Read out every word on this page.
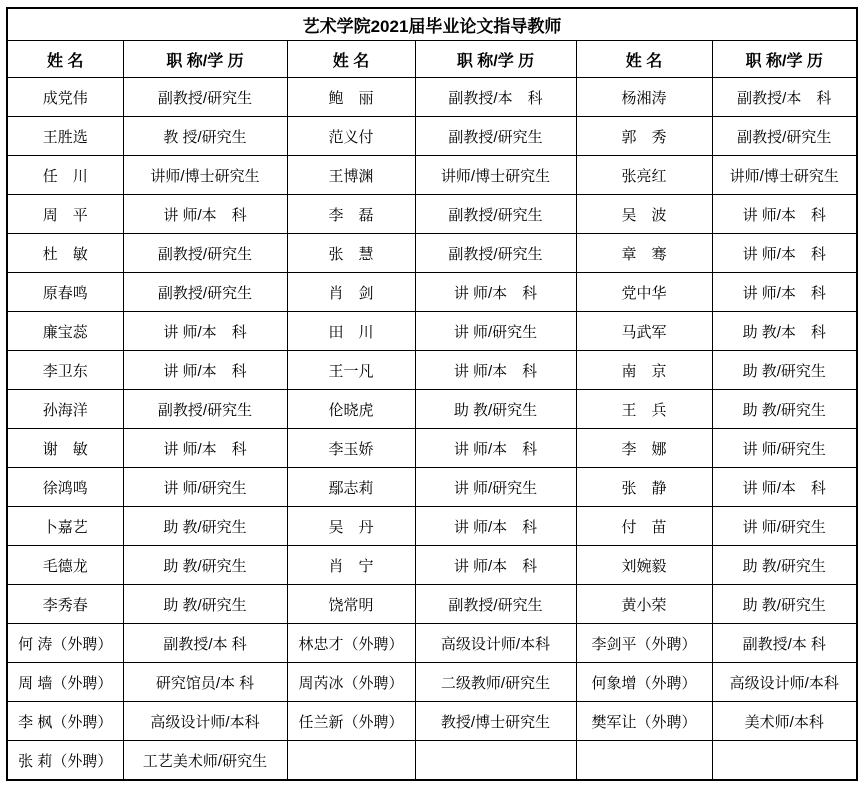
艺术学院2021届毕业论文指导教师					
姓 名	职 称/学 历	姓 名	职 称/学 历	姓 名	职 称/学 历
成党伟	副教授/研究生	鲍　丽	副教授/本　科	杨湘涛	副教授/本　科
王胜选	教 授/研究生	范义付	副教授/研究生	郭　秀	副教授/研究生
任　川	讲师/博士研究生	王博渊	讲师/博士研究生	张亮红	讲师/博士研究生
周　平	讲 师/本　科	李　磊	副教授/研究生	吴　波	讲 师/本　科
杜　敏	副教授/研究生	张　慧	副教授/研究生	章　骞	讲 师/本　科
原春鸣	副教授/研究生	肖　剑	讲 师/本　科	党中华	讲 师/本　科
廉宝蕊	讲 师/本　科	田　川	讲 师/研究生	马武军	助 教/本　科
李卫东	讲 师/本　科	王一凡	讲 师/本　科	南　京	助 教/研究生
孙海洋	副教授/研究生	伦晓虎	助 教/研究生	王　兵	助 教/研究生
谢　敏	讲 师/本　科	李玉娇	讲 师/本　科	李　娜	讲 师/研究生
徐鸿鸣	讲 师/研究生	鄢志莉	讲 师/研究生	张　静	讲 师/本　科
卜嘉艺	助 教/研究生	吴　丹	讲 师/本　科	付　苗	讲 师/研究生
毛德龙	助 教/研究生	肖　宁	讲 师/本　科	刘婉毅	助 教/研究生
李秀春	助 教/研究生	饶常明	副教授/研究生	黄小荣	助 教/研究生
何 涛（外聘）	副教授/本 科	林忠才（外聘）	高级设计师/本科	李剑平（外聘）	副教授/本 科
周 墙（外聘）	研究馆员/本 科	周芮冰（外聘）	二级教师/研究生	何象增（外聘）	高级设计师/本科
李 枫（外聘）	高级设计师/本科	任兰新（外聘）	教授/博士研究生	樊军让（外聘）	美术师/本科
张 莉（外聘）	工艺美术师/研究生				
